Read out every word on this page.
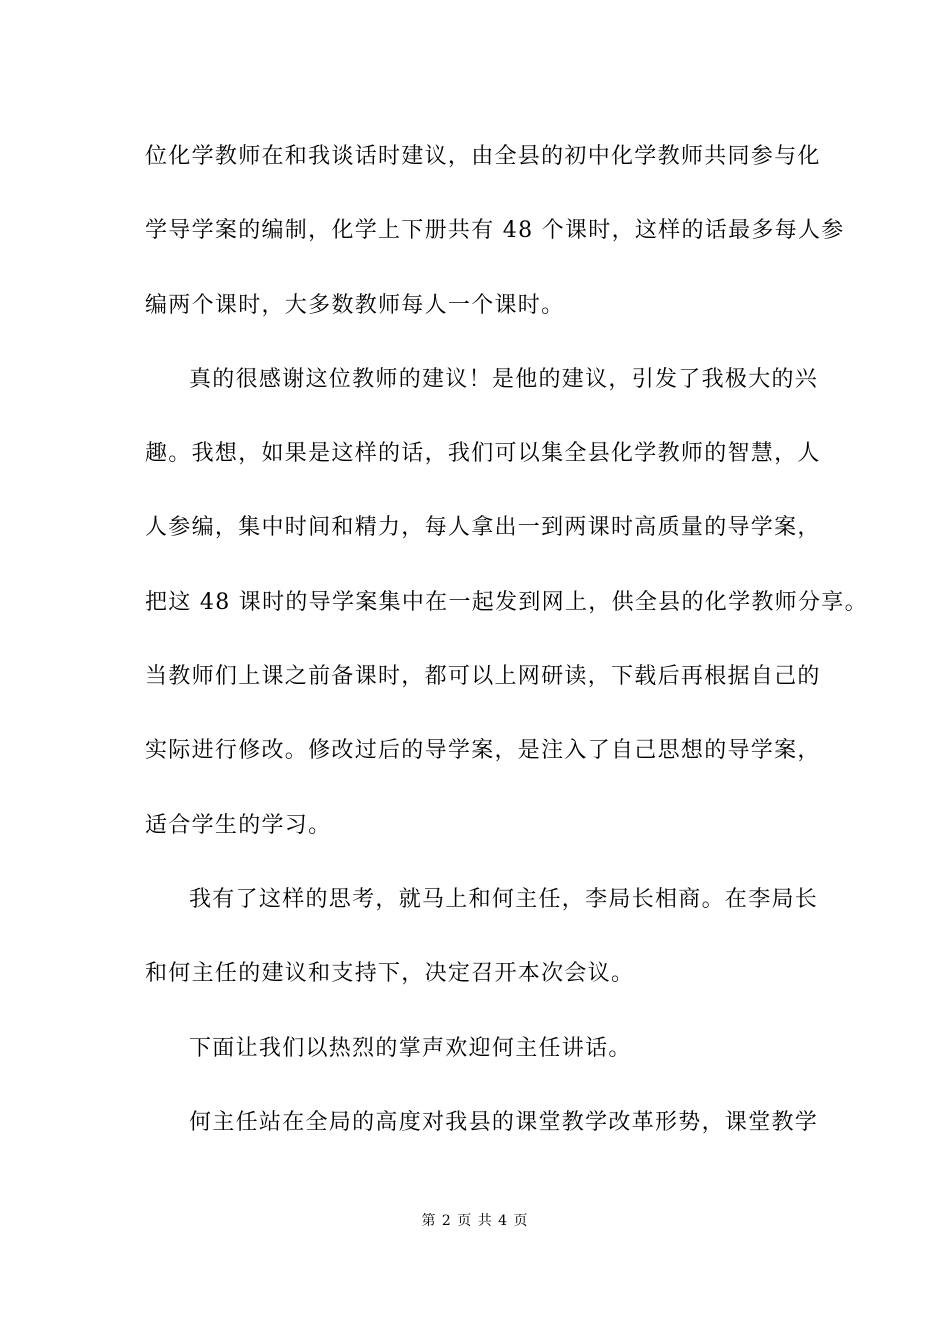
位化学教师在和我谈话时建议，由全县的初中化学教师共同参与化
学导学案的编制，化学上下册共有 48 个课时，这样的话最多每人参
编两个课时，大多数教师每人一个课时。
真的很感谢这位教师的建议！是他的建议，引发了我极大的兴
趣。我想，如果是这样的话，我们可以集全县化学教师的智慧，人
人参编，集中时间和精力，每人拿出一到两课时高质量的导学案，
把这 48 课时的导学案集中在一起发到网上，供全县的化学教师分享。
当教师们上课之前备课时，都可以上网研读，下载后再根据自己的
实际进行修改。修改过后的导学案，是注入了自己思想的导学案，
适合学生的学习。
我有了这样的思考，就马上和何主任，李局长相商。在李局长
和何主任的建议和支持下，决定召开本次会议。
下面让我们以热烈的掌声欢迎何主任讲话。
何主任站在全局的高度对我县的课堂教学改革形势，课堂教学
第 2 页 共 4 页
